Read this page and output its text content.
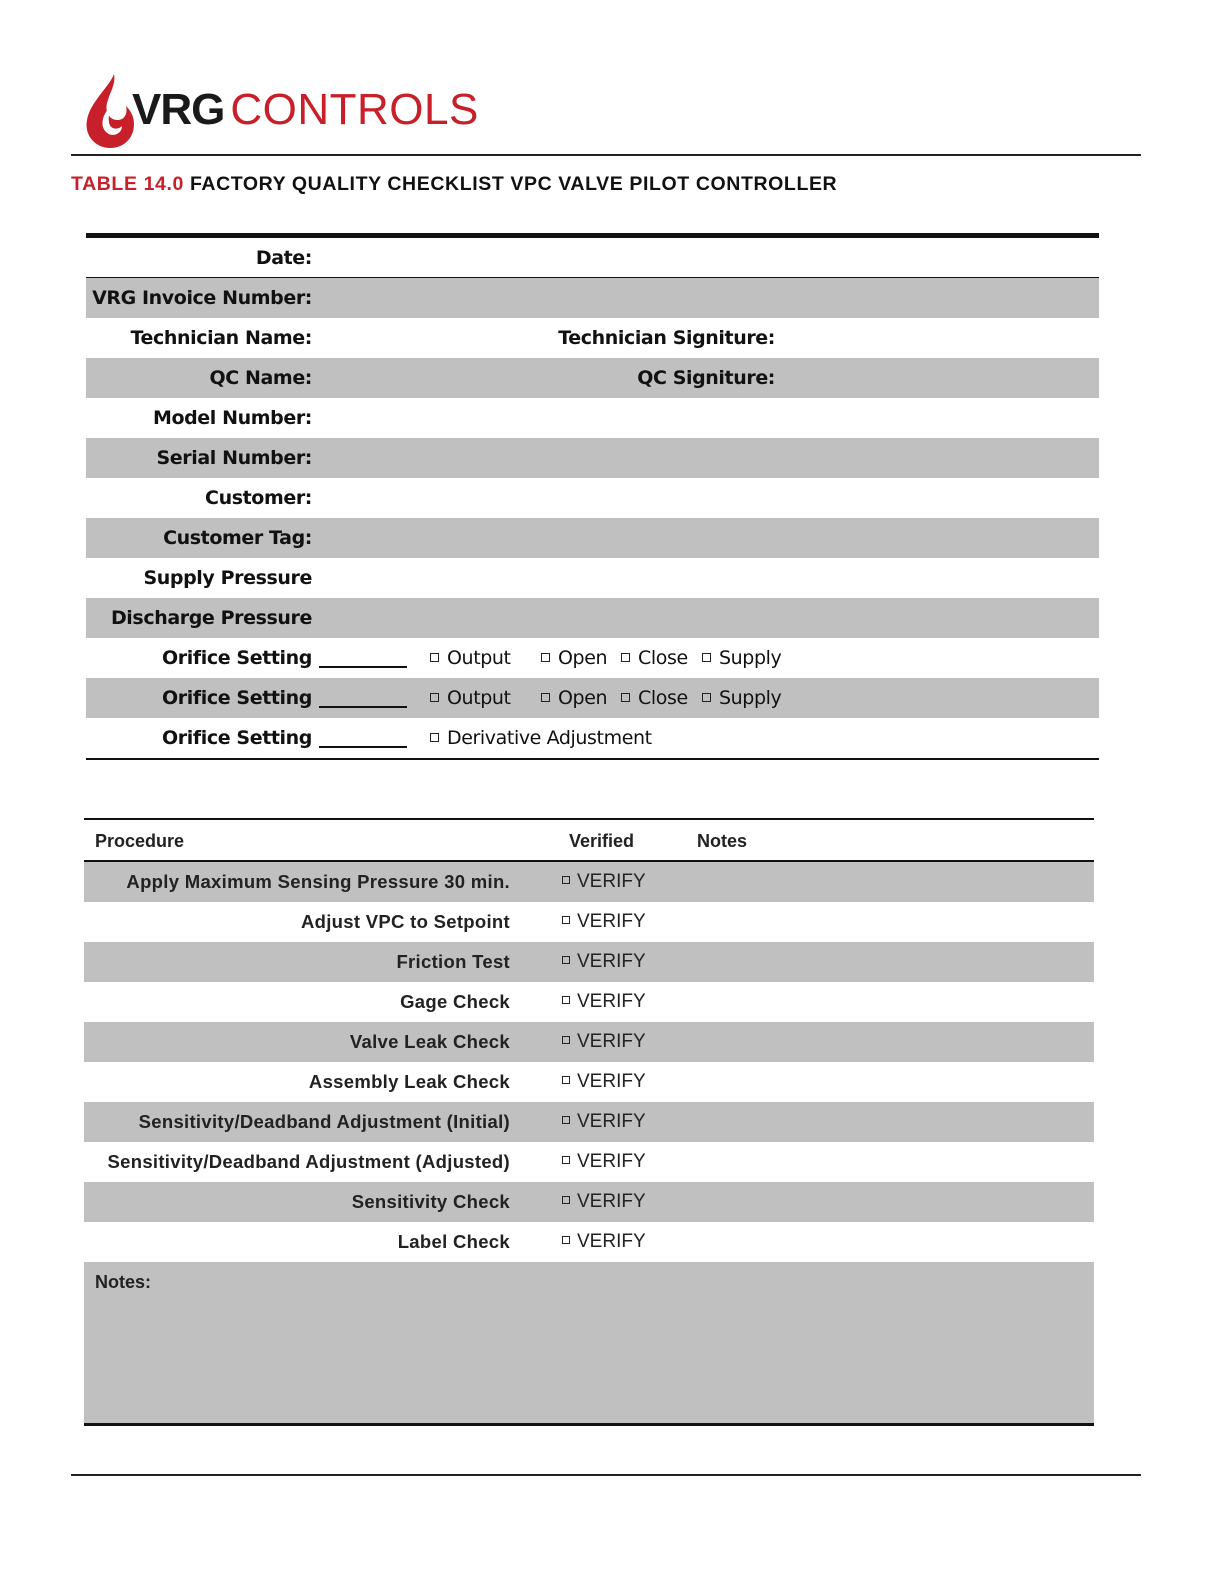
VRG CONTROLS
TABLE 14.0 FACTORY QUALITY CHECKLIST VPC VALVE PILOT CONTROLLER
Date:
VRG Invoice Number:
Technician Name:	Technician Signiture:
QC Name:	QC Signiture:
Model Number:
Serial Number:
Customer:
Customer Tag:
Supply Pressure
Discharge Pressure
Orifice Setting	Output	Open	Close	Supply
Orifice Setting	Output	Open	Close	Supply
Orifice Setting	Derivative Adjustment
Procedure	Verified	Notes
Apply Maximum Sensing Pressure 30 min.	VERIFY
Adjust VPC to Setpoint	VERIFY
Friction Test	VERIFY
Gage Check	VERIFY
Valve Leak Check	VERIFY
Assembly Leak Check	VERIFY
Sensitivity/Deadband Adjustment (Initial)	VERIFY
Sensitivity/Deadband Adjustment (Adjusted)	VERIFY
Sensitivity Check	VERIFY
Label Check	VERIFY
Notes:
